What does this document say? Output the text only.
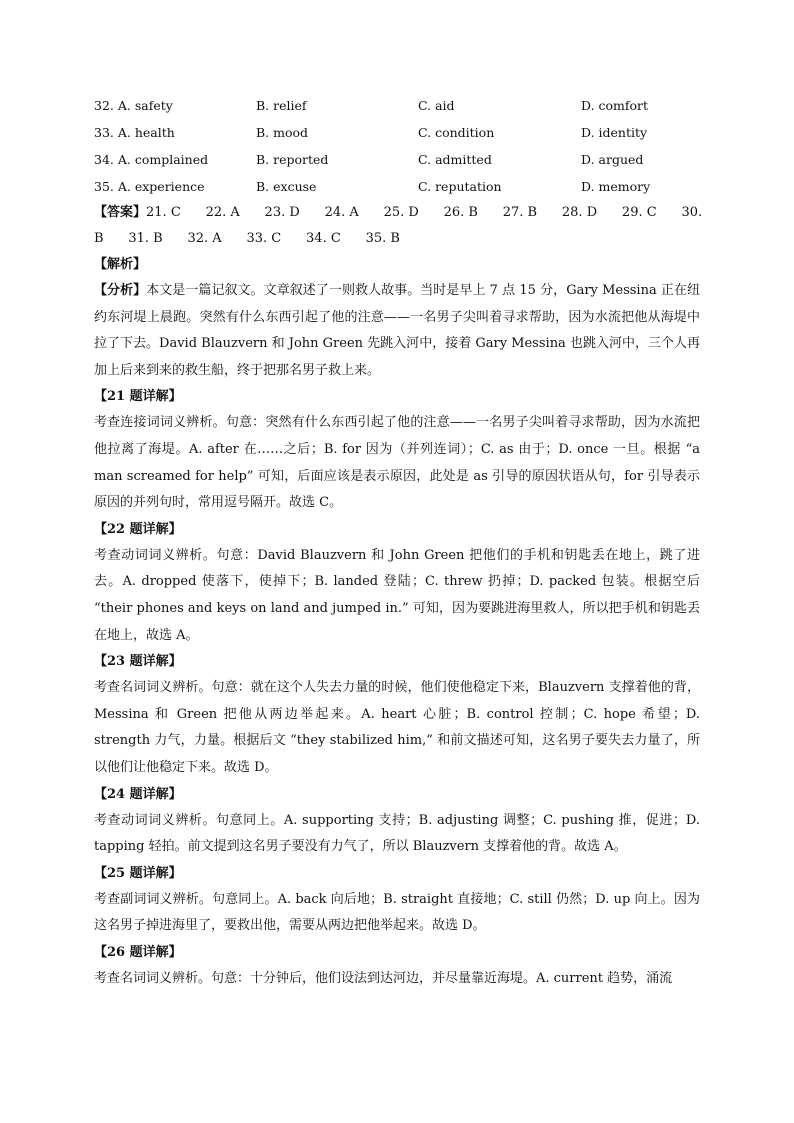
32. A. safety	B. relief	C. aid	D. comfort
33. A. health	B. mood	C. condition	D. identity
34. A. complained	B. reported	C. admitted	D. argued
35. A. experience	B. excuse	C. reputation	D. memory
【答案】 21. C      22. A      23. D      24. A      25. D      26. B      27. B      28. D      29. C      30.
B      31. B      32. A      33. C      34. C      35. B
【解析】
【分析】本文是一篇记叙文。文章叙述了一则救人故事。当时是早上 7 点 15 分，Gary Messina 正在纽约东河堤上晨跑。突然有什么东西引起了他的注意——一名男子尖叫着寻求帮助，因为水流把他从海堤中拉了下去。David Blauzvern 和 John Green 先跳入河中，接着 Gary Messina 也跳入河中，三个人再加上后来到来的救生船，终于把那名男子救上来。
【21 题详解】
考查连接词词义辨析。句意：突然有什么东西引起了他的注意——一名男子尖叫着寻求帮助，因为水流把他拉离了海堤。A. after 在……之后；B. for 因为（并列连词）；C. as 由于；D. once 一旦。根据 “a man screamed for help” 可知，后面应该是表示原因，此处是 as 引导的原因状语从句，for 引导表示原因的并列句时，常用逗号隔开。故选 C。
【22 题详解】
考查动词词义辨析。句意：David Blauzvern 和 John Green 把他们的手机和钥匙丢在地上，跳了进去。A. dropped 使落下，使掉下；B. landed 登陆；C. threw 扔掉；D. packed 包装。根据空后 “their phones and keys on land and jumped in.” 可知，因为要跳进海里救人，所以把手机和钥匙丢在地上，故选 A。
【23 题详解】
考查名词词义辨析。句意：就在这个人失去力量的时候，他们使他稳定下来，Blauzvern 支撑着他的背，Messina 和 Green 把他从两边举起来。A. heart 心脏；B. control 控制；C. hope 希望；D. strength 力气，力量。根据后文 “they stabilized him,” 和前文描述可知，这名男子要失去力量了，所以他们让他稳定下来。故选 D。
【24 题详解】
考查动词词义辨析。句意同上。A. supporting 支持；B. adjusting 调整；C. pushing 推，促进；D. tapping 轻拍。前文提到这名男子要没有力气了，所以 Blauzvern 支撑着他的背。故选 A。
【25 题详解】
考查副词词义辨析。句意同上。A. back 向后地；B. straight 直接地；C. still 仍然；D. up 向上。因为这名男子掉进海里了，要救出他，需要从两边把他举起来。故选 D。
【26 题详解】
考查名词词义辨析。句意：十分钟后，他们设法到达河边，并尽量靠近海堤。A. current 趋势，涌流
